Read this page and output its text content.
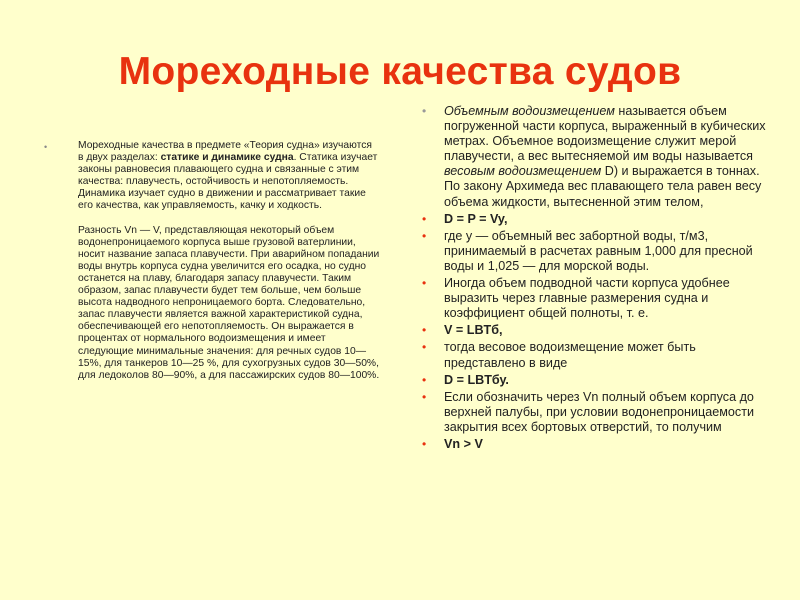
Мореходные качества судов
•	Мореходные качества в предмете «Теория судна» изучаются в двух разделах: статике и динамике судна. Статика изучает законы равновесия плавающего судна и связанные с этим качества: плавучесть, остойчивость и непотопляемость. Динамика изучает судно в движении и рассматривает такие его качества, как управляемость, качку и ходкость.
Разность Vn — V, представляющая некоторый объем водонепроницаемого корпуса выше грузовой ватерлинии, носит название запаса плавучести. При аварийном попадании воды внутрь корпуса судна увеличится его осадка, но судно останется на плаву, благодаря запасу плавучести. Таким образом, запас плавучести будет тем больше, чем больше высота надводного непроницаемого борта. Следовательно, запас плавучести является важной характеристикой судна, обеспечивающей его непотопляемость. Он выражается в процентах от нормального водоизмещения и имеет следующие минимальные значения: для речных судов 10—15%, для танкеров 10—25 %, для сухогрузных судов 30—50%, для ледоколов 80—90%, а для пассажирских судов 80—100%.
• Объемным водоизмещением называется объем погруженной части корпуса, выраженный в кубических метрах. Объемное водоизмещение служит мерой плавучести, а вес вытесняемой им воды называется весовым водоизмещением D) и выражается в тоннах.
По закону Архимеда вес плавающего тела равен весу объема жидкости, вытесненной этим телом,
• D = P = Vy,
• где у — объемный вес забортной воды, т/м3, принимаемый в расчетах равным 1,000 для пресной воды и 1,025 — для морской воды.
• Иногда объем подводной части корпуса удобнее выразить через главные размерения судна и коэффициент общей полноты, т. е.
• V = LBTб,
• тогда весовое водоизмещение может быть представлено в виде
• D = LBTбу.
• Если обозначить через Vn полный объем корпуса до верхней палубы, при условии водонепроницаемости закрытия всех бортовых отверстий, то получим
• Vn > V
